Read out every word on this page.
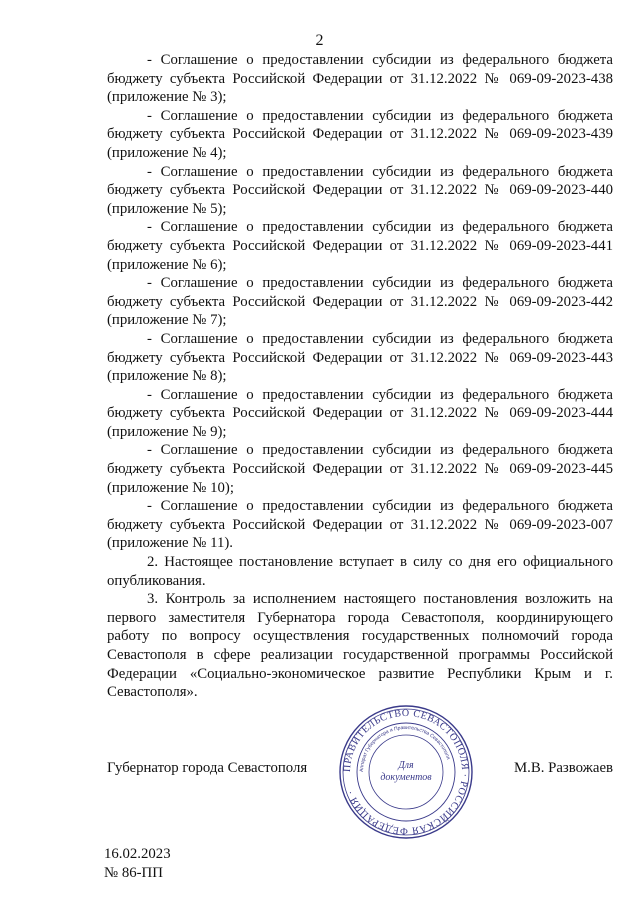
2

- Соглашение о предоставлении субсидии из федерального бюджета
бюджету субъекта Российской Федерации от 31.12.2022 № 069-09-2023-438
(приложение № 3);

- Соглашение о предоставлении субсидии из федерального бюджета
бюджету субъекта Российской Федерации от 31.12.2022 № 069-09-2023-439
(приложение № 4);

- Соглашение о предоставлении субсидии из федерального бюджета
бюджету субъекта Российской Федерации от 31.12.2022 № 069-09-2023-440
(приложение № 5);

- Соглашение о предоставлении субсидии из федерального бюджета
бюджету субъекта Российской Федерации от 31.12.2022 № 069-09-2023-441
(приложение № 6);

- Соглашение о предоставлении субсидии из федерального бюджета
бюджету субъекта Российской Федерации от 31.12.2022 № 069-09-2023-442
(приложение № 7);

- Соглашение о предоставлении субсидии из федерального бюджета
бюджету субъекта Российской Федерации от 31.12.2022 № 069-09-2023-443
(приложение № 8);

- Соглашение о предоставлении субсидии из федерального бюджета
бюджету субъекта Российской Федерации от 31.12.2022 № 069-09-2023-444
(приложение № 9);

- Соглашение о предоставлении субсидии из федерального бюджета
бюджету субъекта Российской Федерации от 31.12.2022 № 069-09-2023-445
(приложение № 10);

- Соглашение о предоставлении субсидии из федерального бюджета
бюджету субъекта Российской Федерации от 31.12.2022 № 069-09-2023-007
(приложение № 11).

2. Настоящее постановление вступает в силу со дня его официального опубликования.

3. Контроль за исполнением настоящего постановления возложить на первого заместителя Губернатора города Севастополя, координирующего работу по вопросу осуществления государственных полномочий города Севастополя в сфере реализации государственной программы Российской Федерации «Социально-экономическое развитие Республики Крым и г. Севастополя».

Губернатор города Севастополя	М.В. Развожаев
ПРАВИТЕЛЬСТВО СЕВАСТОПОЛЯ · РОССИЙСКАЯ ФЕДЕРАЦИЯ ·
Аппарат Губернатора и Правительства Севастополя
Для
документов
16.02.2023
№ 86-ПП
